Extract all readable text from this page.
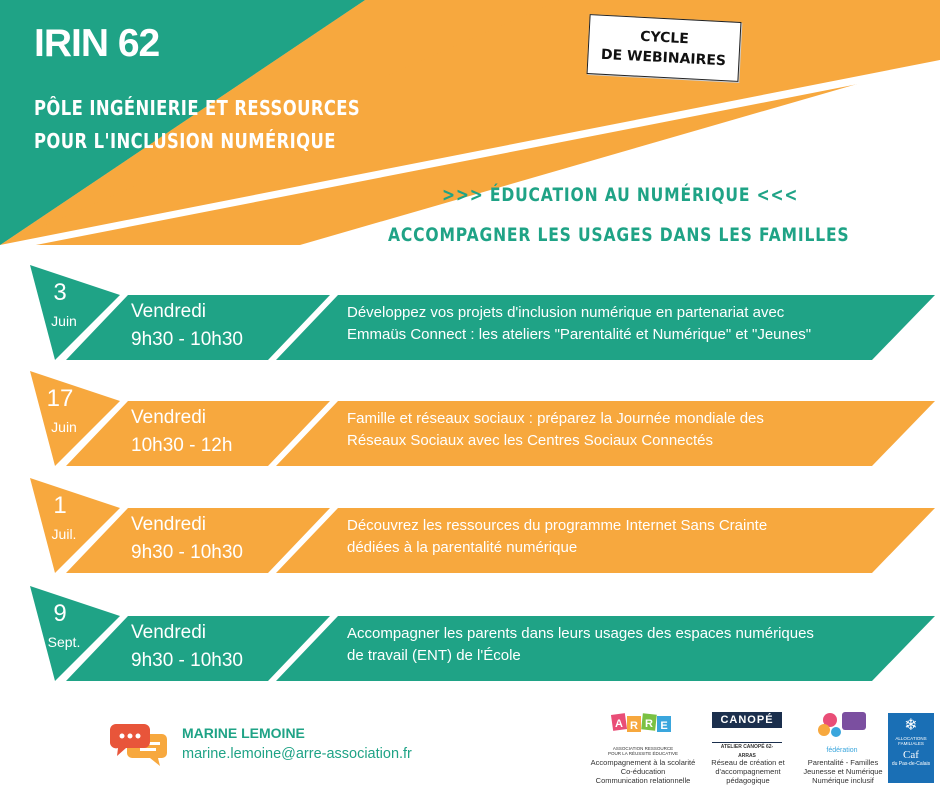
IRIN 62
PÔLE INGÉNIERIE ET RESSOURCES
POUR L'INCLUSION NUMÉRIQUE
CYCLE
DE WEBINAIRES
>>> ÉDUCATION AU NUMÉRIQUE <<<
ACCOMPAGNER LES USAGES DANS LES FAMILLES
3
Juin	Vendredi
9h30 - 10h30
Développez vos projets d'inclusion numérique en partenariat avec
Emmaüs Connect : les ateliers "Parentalité et Numérique" et "Jeunes"
17
Juin	Vendredi
10h30 - 12h
Famille et réseaux sociaux : préparez la Journée mondiale des
Réseaux Sociaux avec les Centres Sociaux Connectés
1
Juil.	Vendredi
9h30 - 10h30
Découvrez les ressources du programme Internet Sans Crainte
dédiées à la parentalité numérique
9
Sept.	Vendredi
9h30 - 10h30
Accompagner les parents dans leurs usages des espaces numériques
de travail (ENT) de l'École
MARINE LEMOINE
marine.lemoine@arre-association.fr
A R R E
ASSOCIATION RESSOURCE POUR LA RÉUSSITE ÉDUCATIVE
Accompagnement à la scolarité
Co-éducation
Communication relationnelle
CANOPÉ
ATELIER CANOPÉ 62-ARRAS
Réseau de création et
d'accompagnement
pédagogique
fédération
Parentalité - Familles
Jeunesse et Numérique
Numérique inclusif
❄
ALLOCATIONS FAMILIALES
Caf
du Pas-de-Calais
